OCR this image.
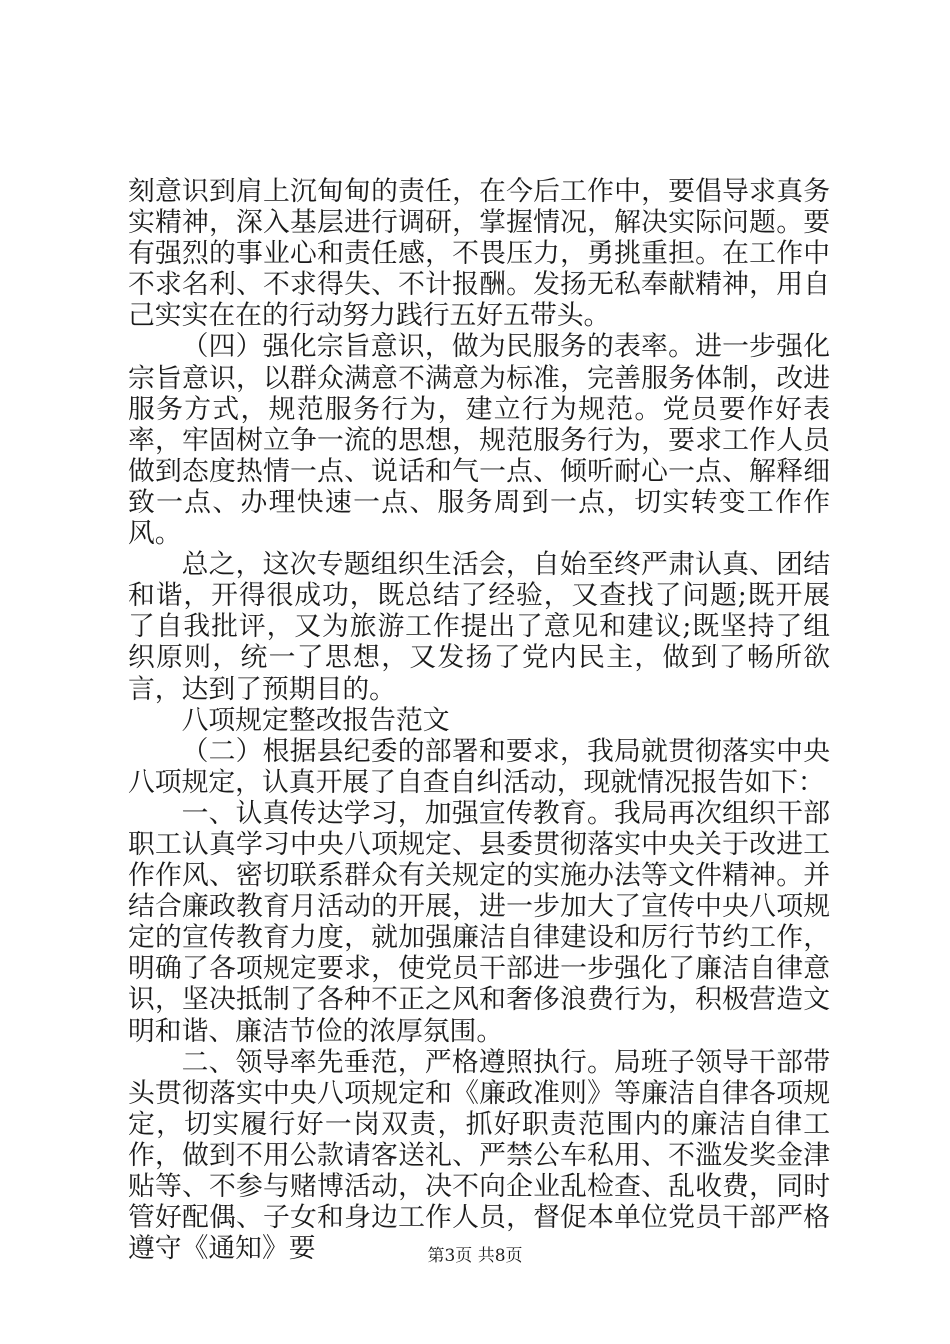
刻意识到肩上沉甸甸的责任，在今后工作中，要倡导求真务实精神，深入基层进行调研，掌握情况，解决实际问题。要有强烈的事业心和责任感，不畏压力，勇挑重担。在工作中不求名利、不求得失、不计报酬。发扬无私奉献精神，用自己实实在在的行动努力践行五好五带头。

（四）强化宗旨意识，做为民服务的表率。进一步强化宗旨意识，以群众满意不满意为标准，完善服务体制，改进服务方式，规范服务行为，建立行为规范。党员要作好表率，牢固树立争一流的思想，规范服务行为，要求工作人员做到态度热情一点、说话和气一点、倾听耐心一点、解释细致一点、办理快速一点、服务周到一点，切实转变工作作风。

总之，这次专题组织生活会，自始至终严肃认真、团结和谐，开得很成功，既总结了经验，又查找了问题;既开展了自我批评，又为旅游工作提出了意见和建议;既坚持了组织原则，统一了思想，又发扬了党内民主，做到了畅所欲言，达到了预期目的。

八项规定整改报告范文

（二）根据县纪委的部署和要求，我局就贯彻落实中央八项规定，认真开展了自查自纠活动，现就情况报告如下：

一、认真传达学习，加强宣传教育。我局再次组织干部职工认真学习中央八项规定、县委贯彻落实中央关于改进工作作风、密切联系群众有关规定的实施办法等文件精神。并结合廉政教育月活动的开展，进一步加大了宣传中央八项规定的宣传教育力度，就加强廉洁自律建设和厉行节约工作，明确了各项规定要求，使党员干部进一步强化了廉洁自律意识，坚决抵制了各种不正之风和奢侈浪费行为，积极营造文明和谐、廉洁节俭的浓厚氛围。

二、领导率先垂范，严格遵照执行。局班子领导干部带头贯彻落实中央八项规定和《廉政准则》等廉洁自律各项规定，切实履行好一岗双责，抓好职责范围内的廉洁自律工作，做到不用公款请客送礼、严禁公车私用、不滥发奖金津贴等、不参与赌博活动，决不向企业乱检查、乱收费，同时管好配偶、子女和身边工作人员，督促本单位党员干部严格遵守《通知》要	第3页 共8页
